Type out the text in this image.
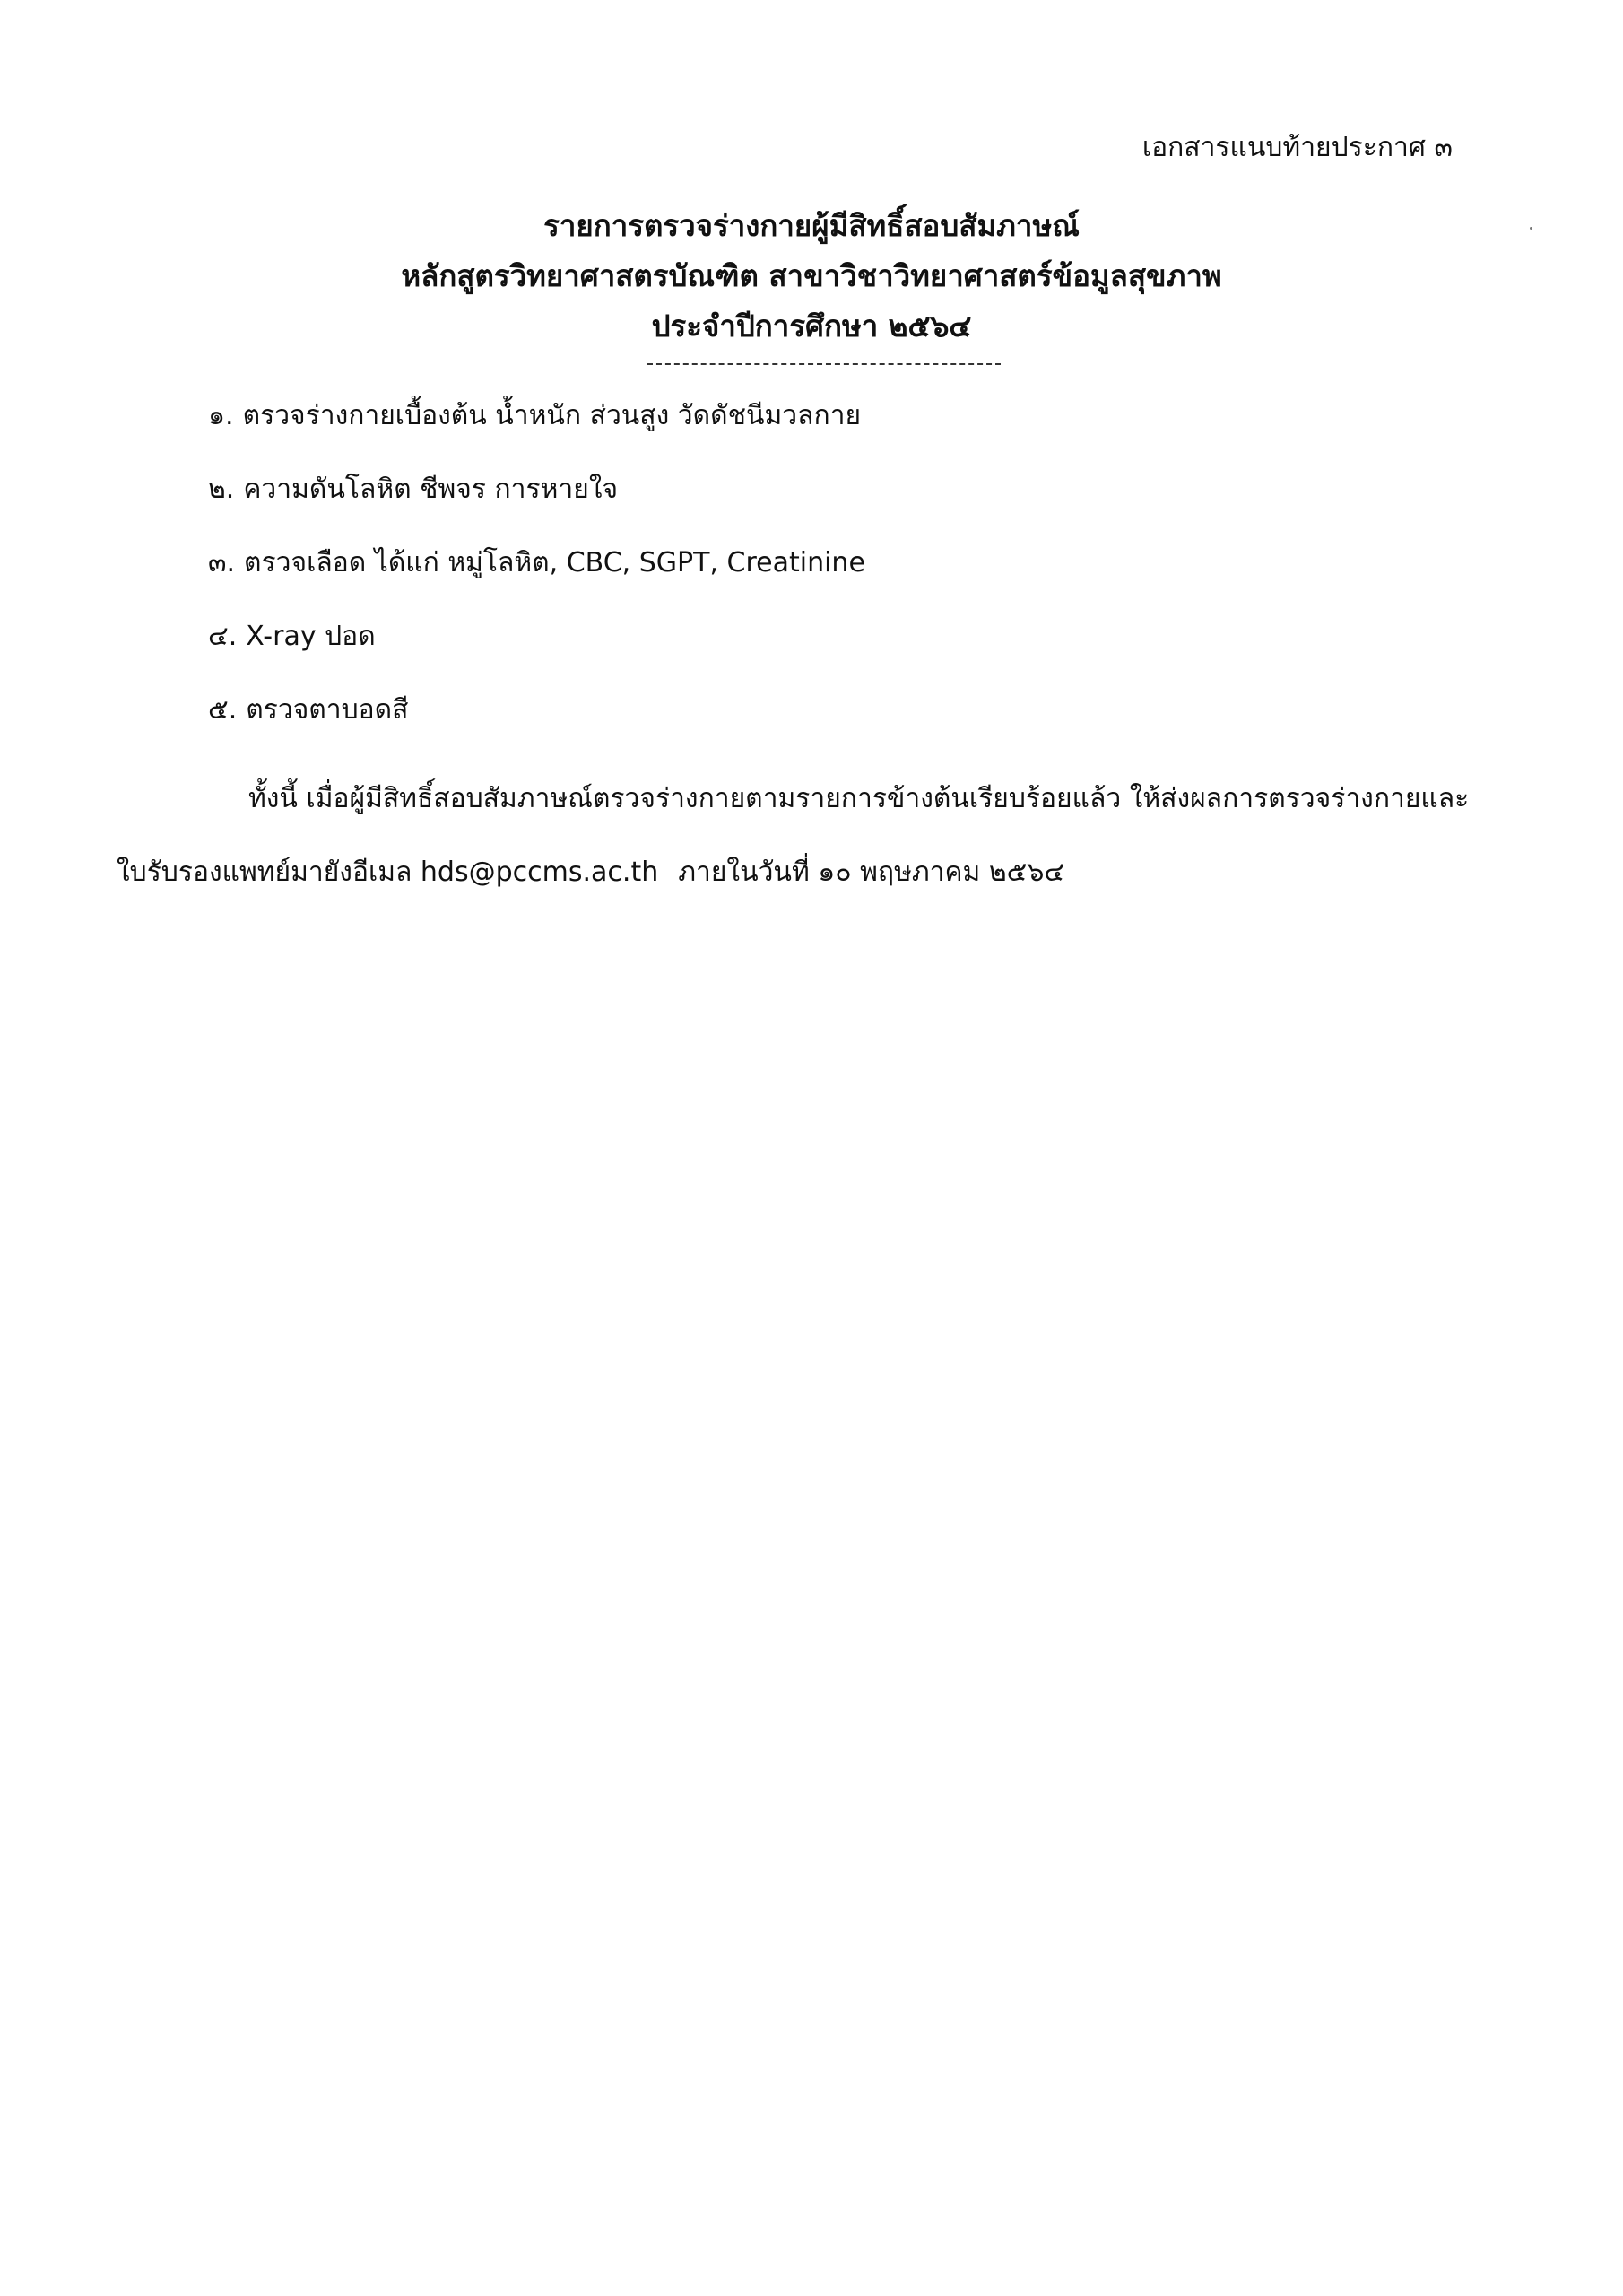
เอกสารแนบท้ายประกาศ ๓
รายการตรวจร่างกายผู้มีสิทธิ์สอบสัมภาษณ์
หลักสูตรวิทยาศาสตรบัณฑิต สาขาวิชาวิทยาศาสตร์ข้อมูลสุขภาพ
ประจำปีการศึกษา ๒๕๖๔
๑. ตรวจร่างกายเบื้องต้น น้ำหนัก ส่วนสูง วัดดัชนีมวลกาย
๒. ความดันโลหิต ชีพจร การหายใจ
๓. ตรวจเลือด ได้แก่ หมู่โลหิต, CBC, SGPT, Creatinine
๔. X-ray ปอด
๕. ตรวจตาบอดสี
ทั้งนี้ เมื่อผู้มีสิทธิ์สอบสัมภาษณ์ตรวจร่างกายตามรายการข้างต้นเรียบร้อยแล้ว ให้ส่งผลการตรวจร่างกายและ
ใบรับรองแพทย์มายังอีเมล hds@pccms.ac.th ภายในวันที่ ๑๐ พฤษภาคม ๒๕๖๔
